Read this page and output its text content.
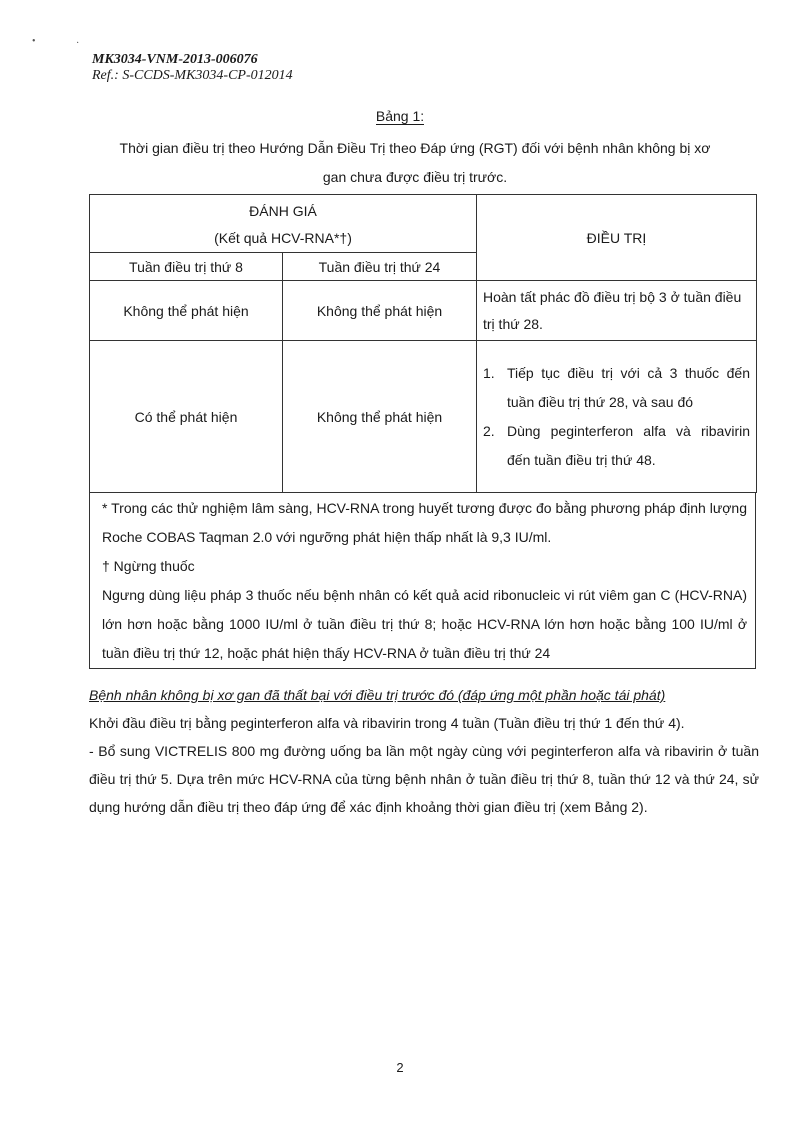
MK3034-VNM-2013-006076
Ref.: S-CCDS-MK3034-CP-012014
Bảng 1:
Thời gian điều trị theo Hướng Dẫn Điều Trị theo Đáp ứng (RGT) đối với bệnh nhân không bị xơ
gan chưa được điều trị trước.
ĐÁNH GIÁ
(Kết quả HCV-RNA*†)		ĐIỀU TRỊ
Tuần điều trị thứ 8	Tuần điều trị thứ 24	
Không thể phát hiện	Không thể phát hiện	Hoàn tất phác đồ điều trị bộ 3 ở tuần điều trị thứ 28.
Có thể phát hiện	Không thể phát hiện	1. Tiếp tục điều trị với cả 3 thuốc đến tuần điều trị thứ 28, và sau đó
2. Dùng peginterferon alfa và ribavirin đến tuần điều trị thứ 48.

* Trong các thử nghiệm lâm sàng, HCV-RNA trong huyết tương được đo bằng phương pháp định lượng Roche COBAS Taqman 2.0 với ngưỡng phát hiện thấp nhất là 9,3 IU/ml.

† Ngừng thuốc

Ngưng dùng liệu pháp 3 thuốc nếu bệnh nhân có kết quả acid ribonucleic vi rút viêm gan C (HCV-RNA) lớn hơn hoặc bằng 1000 IU/ml ở tuần điều trị thứ 8; hoặc HCV-RNA lớn hơn hoặc bằng 100 IU/ml ở tuần điều trị thứ 12, hoặc phát hiện thấy HCV-RNA ở tuần điều trị thứ 24

Bệnh nhân không bị xơ gan đã thất bại với điều trị trước đó (đáp ứng một phần hoặc tái phát)

Khởi đầu điều trị bằng peginterferon alfa và ribavirin trong 4 tuần (Tuần điều trị thứ 1 đến thứ 4).

- Bổ sung VICTRELIS 800 mg đường uống ba lần một ngày cùng với peginterferon alfa và ribavirin ở tuần điều trị thứ 5. Dựa trên mức HCV-RNA của từng bệnh nhân ở tuần điều trị thứ 8, tuần thứ 12 và thứ 24, sử dụng hướng dẫn điều trị theo đáp ứng để xác định khoảng thời gian điều trị (xem Bảng 2).

2
•	·
